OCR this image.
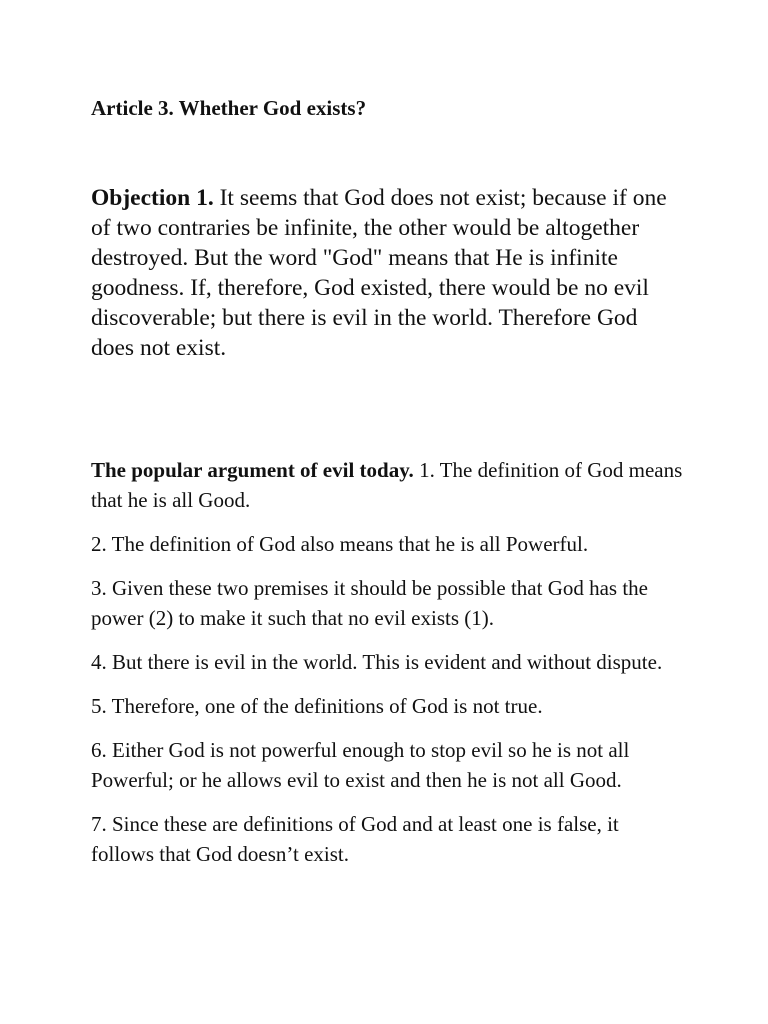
Article 3. Whether God exists?

Objection 1. It seems that God does not exist; because if one of two contraries be infinite, the other would be altogether destroyed. But the word "God" means that He is infinite goodness. If, therefore, God existed, there would be no evil discoverable; but there is evil in the world. Therefore God does not exist.

The popular argument of evil today. 1. The definition of God means that he is all Good.

2. The definition of God also means that he is all Powerful.

3. Given these two premises it should be possible that God has the power (2) to make it such that no evil exists (1).

4. But there is evil in the world. This is evident and without dispute.

5. Therefore, one of the definitions of God is not true.

6. Either God is not powerful enough to stop evil so he is not all Powerful; or he allows evil to exist and then he is not all Good.

7. Since these are definitions of God and at least one is false, it follows that God doesn’t exist.
